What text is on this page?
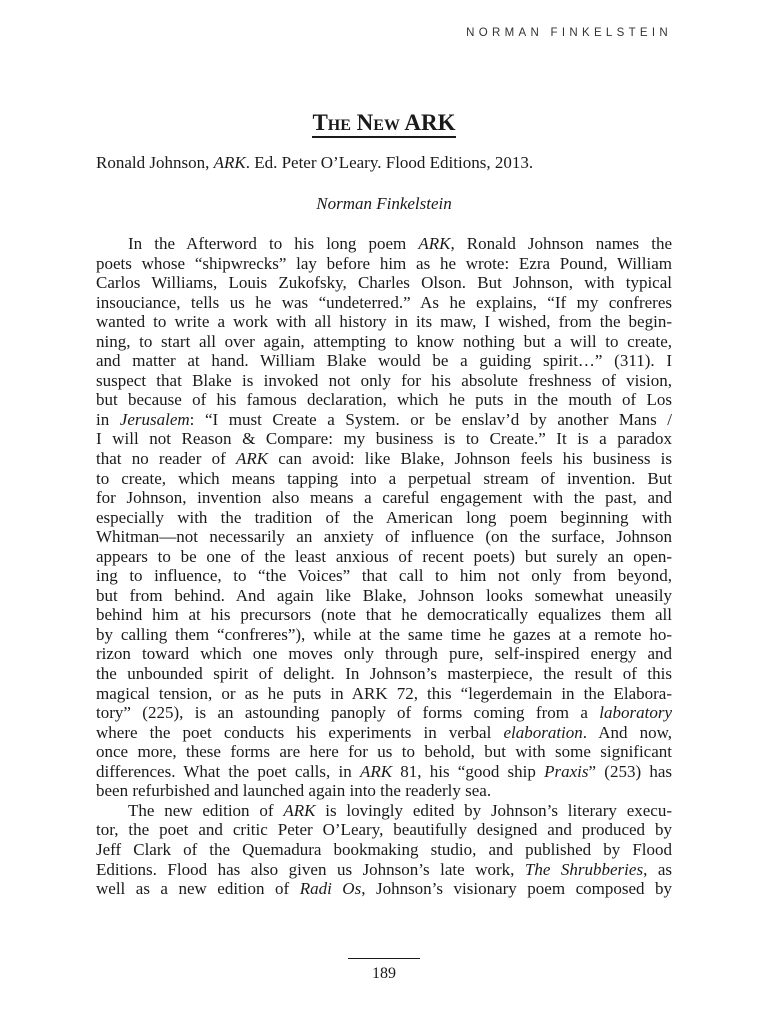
NORMAN FINKELSTEIN
The New ARK
Ronald Johnson, ARK. Ed. Peter O’Leary. Flood Editions, 2013.
Norman Finkelstein
In the Afterword to his long poem ARK, Ronald Johnson names the
poets whose “shipwrecks” lay before him as he wrote: Ezra Pound, William
Carlos Williams, Louis Zukofsky, Charles Olson. But Johnson, with typical
insouciance, tells us he was “undeterred.” As he explains, “If my confreres
wanted to write a work with all history in its maw, I wished, from the begin-
ning, to start all over again, attempting to know nothing but a will to create,
and matter at hand. William Blake would be a guiding spirit…” (311). I
suspect that Blake is invoked not only for his absolute freshness of vision,
but because of his famous declaration, which he puts in the mouth of Los
in Jerusalem: “I must Create a System. or be enslav’d by another Mans /
I will not Reason & Compare: my business is to Create.” It is a paradox
that no reader of ARK can avoid: like Blake, Johnson feels his business is
to create, which means tapping into a perpetual stream of invention. But
for Johnson, invention also means a careful engagement with the past, and
especially with the tradition of the American long poem beginning with
Whitman—not necessarily an anxiety of influence (on the surface, Johnson
appears to be one of the least anxious of recent poets) but surely an open-
ing to influence, to “the Voices” that call to him not only from beyond,
but from behind. And again like Blake, Johnson looks somewhat uneasily
behind him at his precursors (note that he democratically equalizes them all
by calling them “confreres”), while at the same time he gazes at a remote ho-
rizon toward which one moves only through pure, self-inspired energy and
the unbounded spirit of delight. In Johnson’s masterpiece, the result of this
magical tension, or as he puts in ARK 72, this “legerdemain in the Elabora-
tory” (225), is an astounding panoply of forms coming from a laboratory
where the poet conducts his experiments in verbal elaboration. And now,
once more, these forms are here for us to behold, but with some significant
differences. What the poet calls, in ARK 81, his “good ship Praxis” (253) has
been refurbished and launched again into the readerly sea.
The new edition of ARK is lovingly edited by Johnson’s literary execu-
tor, the poet and critic Peter O’Leary, beautifully designed and produced by
Jeff Clark of the Quemadura bookmaking studio, and published by Flood
Editions. Flood has also given us Johnson’s late work, The Shrubberies, as
well as a new edition of Radi Os, Johnson’s visionary poem composed by
189
